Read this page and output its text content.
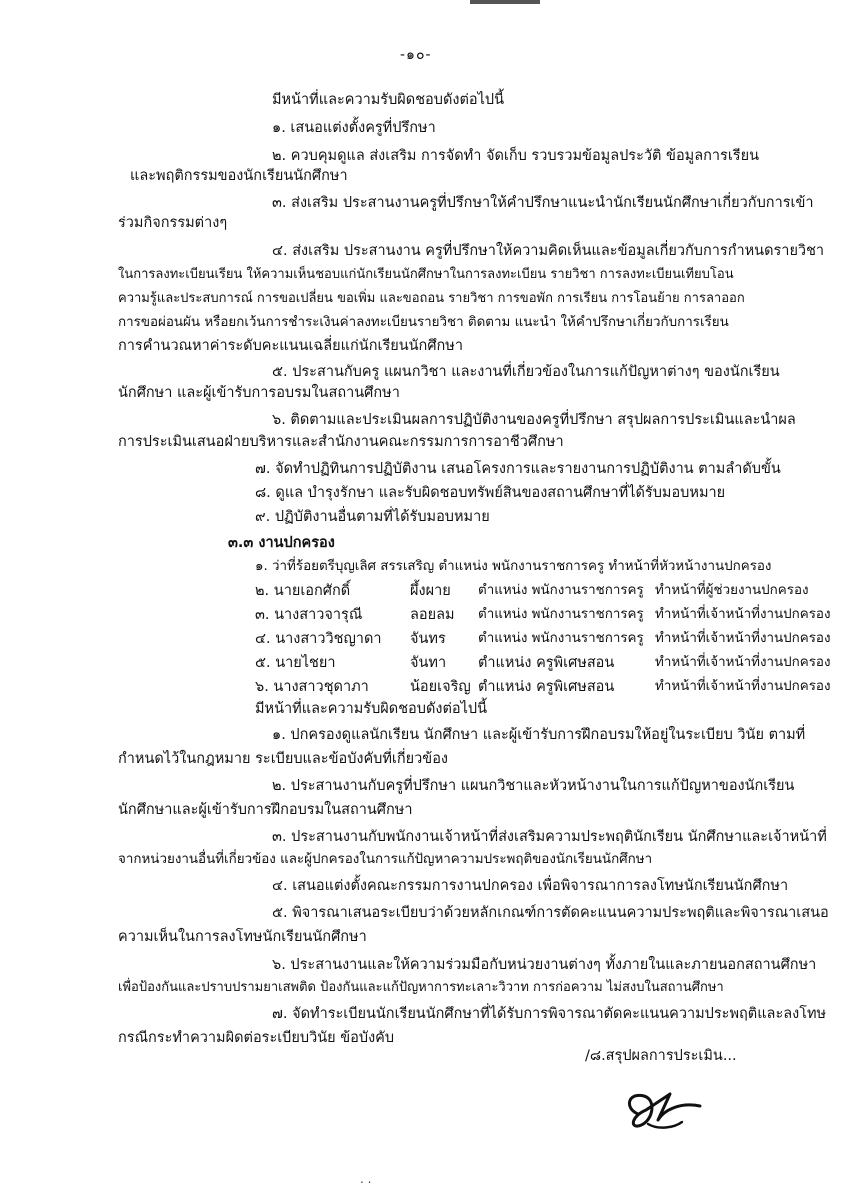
-๑๐-
มีหน้าที่และความรับผิดชอบดังต่อไปนี้
๑. เสนอแต่งตั้งครูที่ปรึกษา
๒. ควบคุมดูแล ส่งเสริม การจัดทำ จัดเก็บ รวบรวมข้อมูลประวัติ ข้อมูลการเรียน
และพฤติกรรมของนักเรียนนักศึกษา
๓. ส่งเสริม ประสานงานครูที่ปรึกษาให้คำปรึกษาแนะนำนักเรียนนักศึกษาเกี่ยวกับการเข้า
ร่วมกิจกรรมต่างๆ
๔. ส่งเสริม ประสานงาน ครูที่ปรึกษาให้ความคิดเห็นและข้อมูลเกี่ยวกับการกำหนดรายวิชา
ในการลงทะเบียนเรียน ให้ความเห็นชอบแก่นักเรียนนักศึกษาในการลงทะเบียน รายวิชา การลงทะเบียนเทียบโอน
ความรู้และประสบการณ์ การขอเปลี่ยน ขอเพิ่ม และขอถอน รายวิชา การขอพัก การเรียน การโอนย้าย การลาออก
การขอผ่อนผัน หรือยกเว้นการชำระเงินค่าลงทะเบียนรายวิชา ติดตาม แนะนำ ให้คำปรึกษาเกี่ยวกับการเรียน
การคำนวณหาค่าระดับคะแนนเฉลี่ยแก่นักเรียนนักศึกษา
๕. ประสานกับครู แผนกวิชา และงานที่เกี่ยวข้องในการแก้ปัญหาต่างๆ ของนักเรียน
นักศึกษา และผู้เข้ารับการอบรมในสถานศึกษา
๖. ติดตามและประเมินผลการปฏิบัติงานของครูที่ปรึกษา สรุปผลการประเมินและนำผล
การประเมินเสนอฝ่ายบริหารและสำนักงานคณะกรรมการการอาชีวศึกษา
๗. จัดทำปฏิทินการปฏิบัติงาน เสนอโครงการและรายงานการปฏิบัติงาน ตามลำดับขั้น
๘. ดูแล บำรุงรักษา และรับผิดชอบทรัพย์สินของสถานศึกษาที่ได้รับมอบหมาย
๙. ปฏิบัติงานอื่นตามที่ได้รับมอบหมาย
๓.๓ งานปกครอง
๑. ว่าที่ร้อยตรีบุญเลิศ สรรเสริญ ตำแหน่ง พนักงานราชการครู ทำหน้าที่หัวหน้างานปกครอง
๒. นายเอกศักดิ์	ผึ้งผาย ตำแหน่ง พนักงานราชการครู ทำหน้าที่ผู้ช่วยงานปกครอง
๓. นางสาวจารุณี	ลอยลม ตำแหน่ง พนักงานราชการครู ทำหน้าที่เจ้าหน้าที่งานปกครอง
๔. นางสาววิชญาดา จันทร ตำแหน่ง พนักงานราชการครู ทำหน้าที่เจ้าหน้าที่งานปกครอง
๕. นายไชยา	จันทา ตำแหน่ง ครูพิเศษสอน	ทำหน้าที่เจ้าหน้าที่งานปกครอง
๖. นางสาวชุดาภา	น้อยเจริญ ตำแหน่ง ครูพิเศษสอน	ทำหน้าที่เจ้าหน้าที่งานปกครอง
มีหน้าที่และความรับผิดชอบดังต่อไปนี้
๑. ปกครองดูแลนักเรียน นักศึกษา และผู้เข้ารับการฝึกอบรมให้อยู่ในระเบียบ วินัย ตามที่
กำหนดไว้ในกฎหมาย ระเบียบและข้อบังคับที่เกี่ยวข้อง
๒. ประสานงานกับครูที่ปรึกษา แผนกวิชาและหัวหน้างานในการแก้ปัญหาของนักเรียน
นักศึกษาและผู้เข้ารับการฝึกอบรมในสถานศึกษา
๓. ประสานงานกับพนักงานเจ้าหน้าที่ส่งเสริมความประพฤตินักเรียน นักศึกษาและเจ้าหน้าที่
จากหน่วยงานอื่นที่เกี่ยวข้อง และผู้ปกครองในการแก้ปัญหาความประพฤติของนักเรียนนักศึกษา
๔. เสนอแต่งตั้งคณะกรรมการงานปกครอง เพื่อพิจารณาการลงโทษนักเรียนนักศึกษา
๕. พิจารณาเสนอระเบียบว่าด้วยหลักเกณฑ์การตัดคะแนนความประพฤติและพิจารณาเสนอ
ความเห็นในการลงโทษนักเรียนนักศึกษา
๖. ประสานงานและให้ความร่วมมือกับหน่วยงานต่างๆ ทั้งภายในและภายนอกสถานศึกษา
เพื่อป้องกันและปราบปรามยาเสพติด ป้องกันและแก้ปัญหาการทะเลาะวิวาท การก่อความ ไม่สงบในสถานศึกษา
๗. จัดทำระเบียนนักเรียนนักศึกษาที่ได้รับการพิจารณาตัดคะแนนความประพฤติและลงโทษ
กรณีกระทำความผิดต่อระเบียบวินัย ข้อบังคับ
/๘.สรุปผลการประเมิน...
. .
